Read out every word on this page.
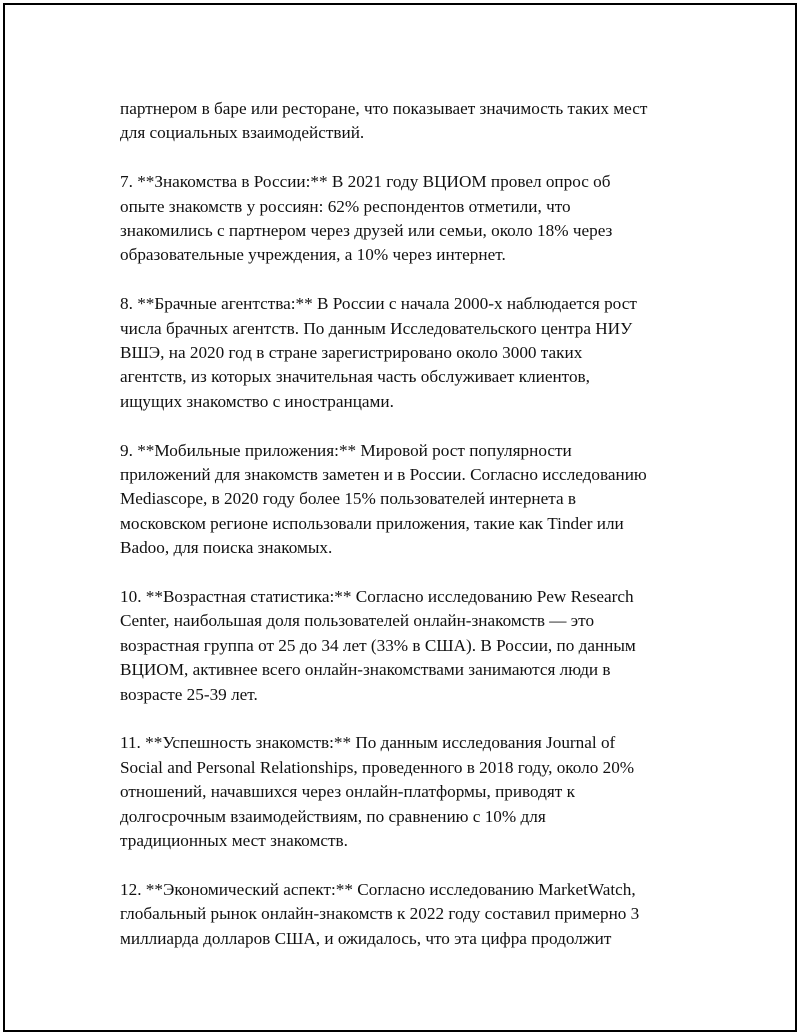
партнером в баре или ресторане, что показывает значимость таких мест
для социальных взаимодействий.

7. **Знакомства в России:** В 2021 году ВЦИОМ провел опрос об
опыте знакомств у россиян: 62% респондентов отметили, что
знакомились с партнером через друзей или семьи, около 18% через
образовательные учреждения, а 10% через интернет.

8. **Брачные агентства:** В России с начала 2000-х наблюдается рост
числа брачных агентств. По данным Исследовательского центра НИУ
ВШЭ, на 2020 год в стране зарегистрировано около 3000 таких
агентств, из которых значительная часть обслуживает клиентов,
ищущих знакомство с иностранцами.

9. **Мобильные приложения:** Мировой рост популярности
приложений для знакомств заметен и в России. Согласно исследованию
Mediascope, в 2020 году более 15% пользователей интернета в
московском регионе использовали приложения, такие как Tinder или
Badoo, для поиска знакомых.

10. **Возрастная статистика:** Согласно исследованию Pew Research
Center, наибольшая доля пользователей онлайн-знакомств — это
возрастная группа от 25 до 34 лет (33% в США). В России, по данным
ВЦИОМ, активнее всего онлайн-знакомствами занимаются люди в
возрасте 25-39 лет.

11. **Успешность знакомств:** По данным исследования Journal of
Social and Personal Relationships, проведенного в 2018 году, около 20%
отношений, начавшихся через онлайн-платформы, приводят к
долгосрочным взаимодействиям, по сравнению с 10% для
традиционных мест знакомств.

12. **Экономический аспект:** Согласно исследованию MarketWatch,
глобальный рынок онлайн-знакомств к 2022 году составил примерно 3
миллиарда долларов США, и ожидалось, что эта цифра продолжит
